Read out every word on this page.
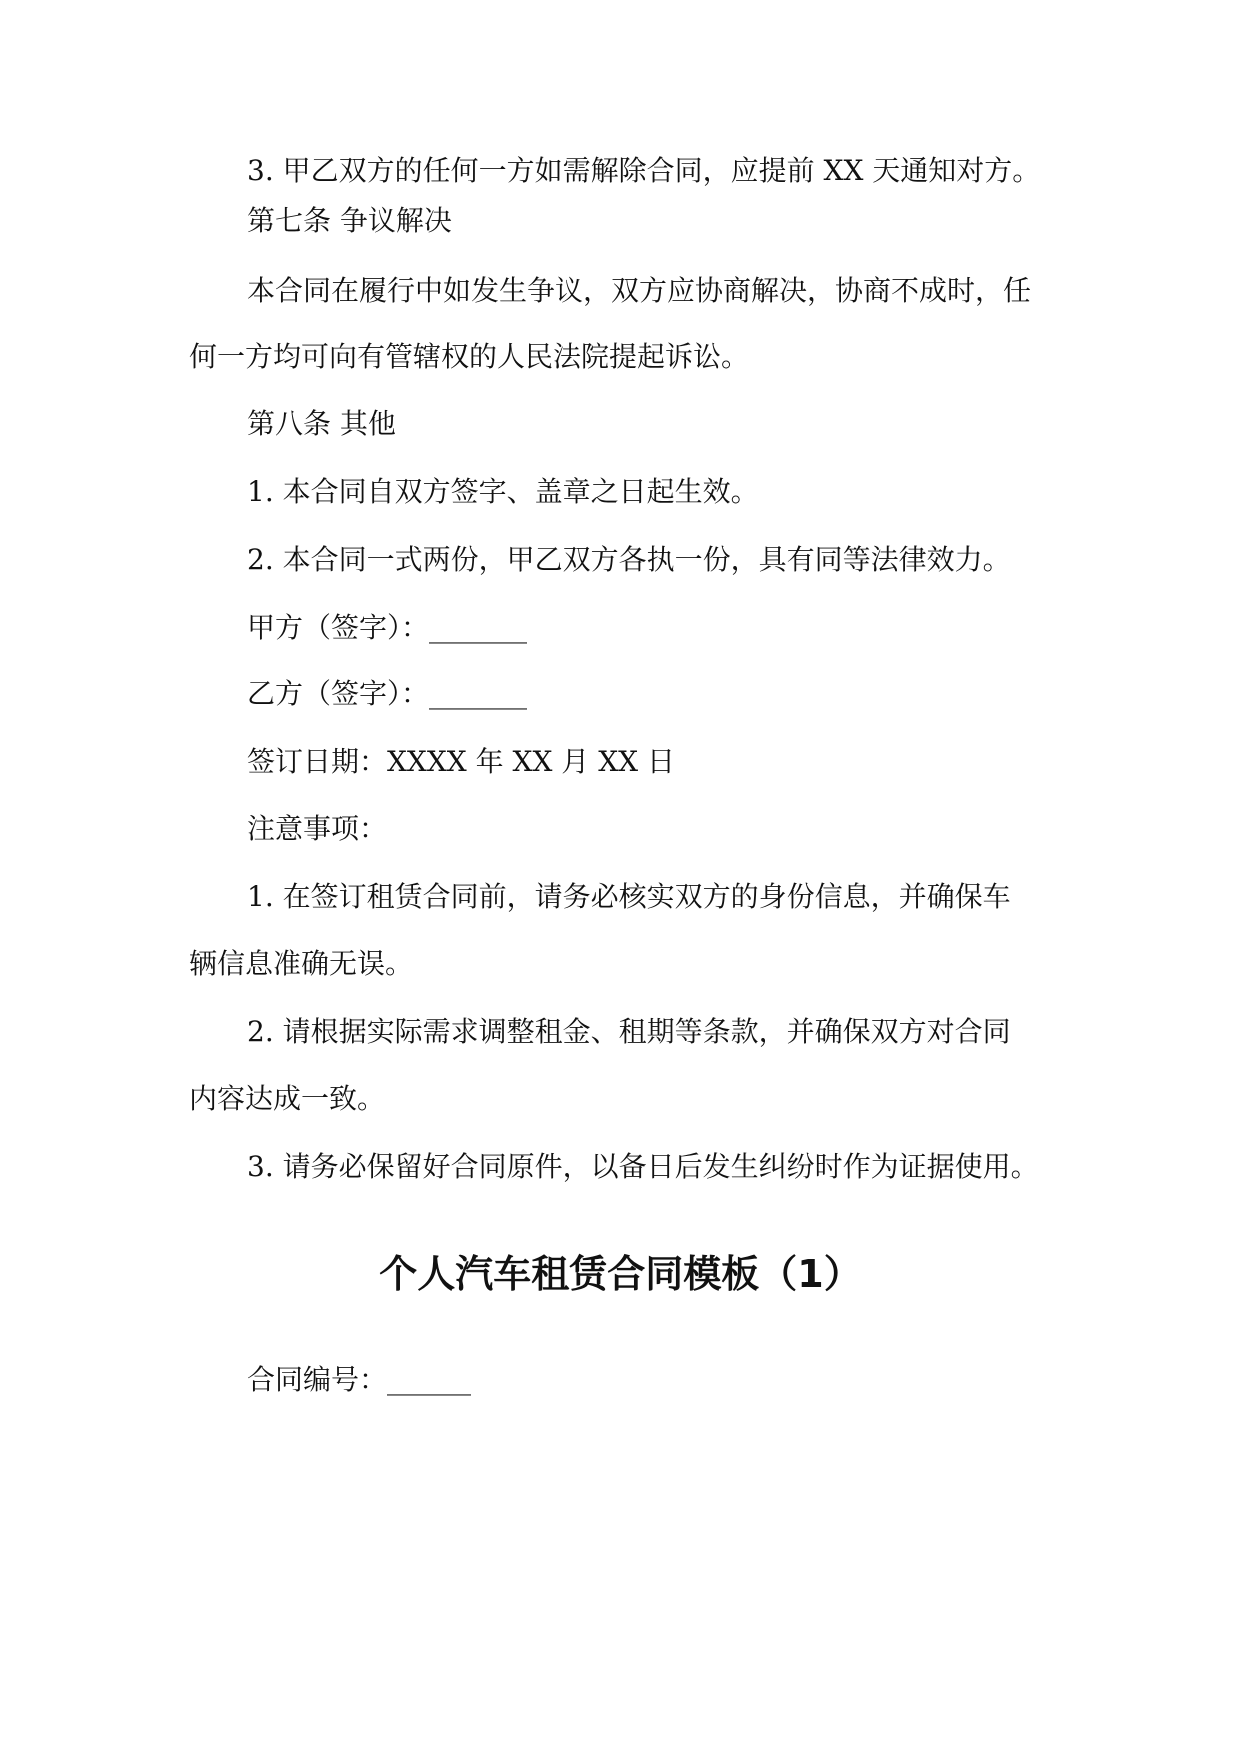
3. 甲乙双方的任何一方如需解除合同，应提前 XX 天通知对方。

第七条 争议解决

本合同在履行中如发生争议，双方应协商解决，协商不成时，任

何一方均可向有管辖权的人民法院提起诉讼。

第八条 其他

1. 本合同自双方签字、盖章之日起生效。

2. 本合同一式两份，甲乙双方各执一份，具有同等法律效力。

甲方（签字）：_______

乙方（签字）：_______

签订日期：XXXX 年 XX 月 XX 日

注意事项：

1. 在签订租赁合同前，请务必核实双方的身份信息，并确保车

辆信息准确无误。

2. 请根据实际需求调整租金、租期等条款，并确保双方对合同

内容达成一致。

3. 请务必保留好合同原件，以备日后发生纠纷时作为证据使用。

个人汽车租赁合同模板（1）

合同编号：______
